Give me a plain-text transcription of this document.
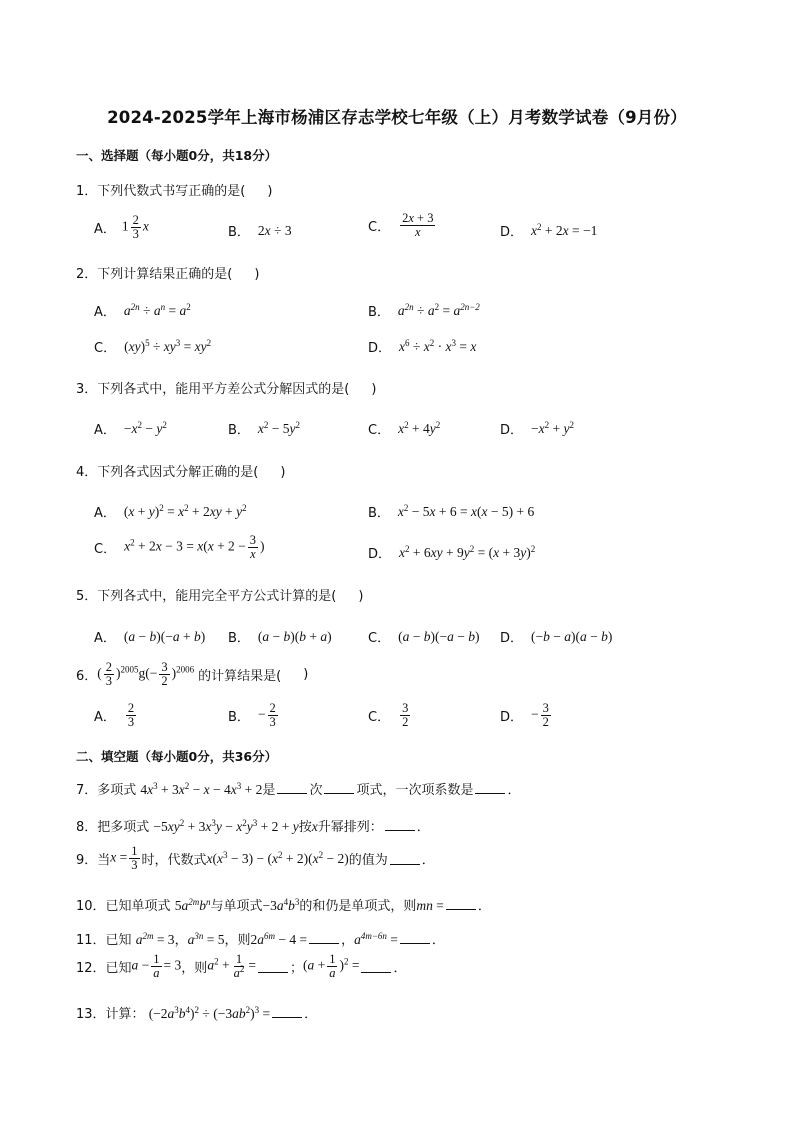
2024-2025学年上海市杨浦区存志学校七年级（上）月考数学试卷（9月份）
一、选择题（每小题0分，共18分）
1．下列代数式书写正确的是( )
A． $1 \frac{2}{3}$ x	B． 2x ÷ 3	C． $\frac{2x + 3}{x}$	D． $x^2 + 2x = -1$
2．下列计算结果正确的是( )
A． $a^{2n} \div a^n = a^2$	B． $a^{2n} \div a^2 = a^{2n-2}$
C． $(xy)^5 \div xy^3 = xy^2$	D． $x^6 \div x^2 \cdot x^3 = x$
3．下列各式中，能用平方差公式分解因式的是( )
A． $-x^2 - y^2$	B． $x^2 - 5y^2$	C． $x^2 + 4y^2$	D． $-x^2 + y^2$
4．下列各式因式分解正确的是( )
A． $(x + y)^2 = x^2 + 2xy + y^2$	B． $x^2 - 5x + 6 = x(x - 5) + 6$
C． $x^2 + 2x - 3 = x(x + 2 - \frac{3}{x}$ )
D． $x^2 + 6xy + 9y^2 = (x + 3y)^2$
5．下列各式中，能用完全平方公式计算的是( )
A． (a − b)(−a + b) B． (a − b)(b + a)	C． (a − b)(−a − b) D． (−b − a)(a − b)
6． ( $\frac{2}{3} )^{2005}g(- \frac{3}{2} )^{2006}$ 的计算结果是( )
A． $\frac{2}{3}$	B． − $\frac{2}{3}$	C． $\frac{3}{2}$	D． − $\frac{3}{2}$
二、填空题（每小题0分，共36分）
7．多项式 $4x^3 + 3x^2 - x - 4x^3 + 2$是	次	项式，一次项系数是	．
8．把多项式 $-5xy^2 + 3x^3y - x^2y^3 + 2 + y$按x升幂排列：	．
9．当 $x = \frac{1}{3}$ 时，代数式 $x(x^3 - 3) - (x^2 + 2)(x^2 - 2)$ 的值为	．
10．已知单项式 $5a^{2m}b^n$与单项式$-3a^4b^3$的和仍是单项式，则mn =	．
11．已知 $a^{2m} = 3$，$a^{3n} = 5$，则$2a^{6m} - 4$ =	，$a^{4m-6n}$ =	．
12．已知 $a - \frac{1}{a} = 3$ ，则 $a^2 + \frac{1}{a^2}$ =	； $(a + \frac{1}{a} )^2$ =	．
13．计算： $(-2a^3b^4)^2 \div (-3ab^2)^3$ =	．
